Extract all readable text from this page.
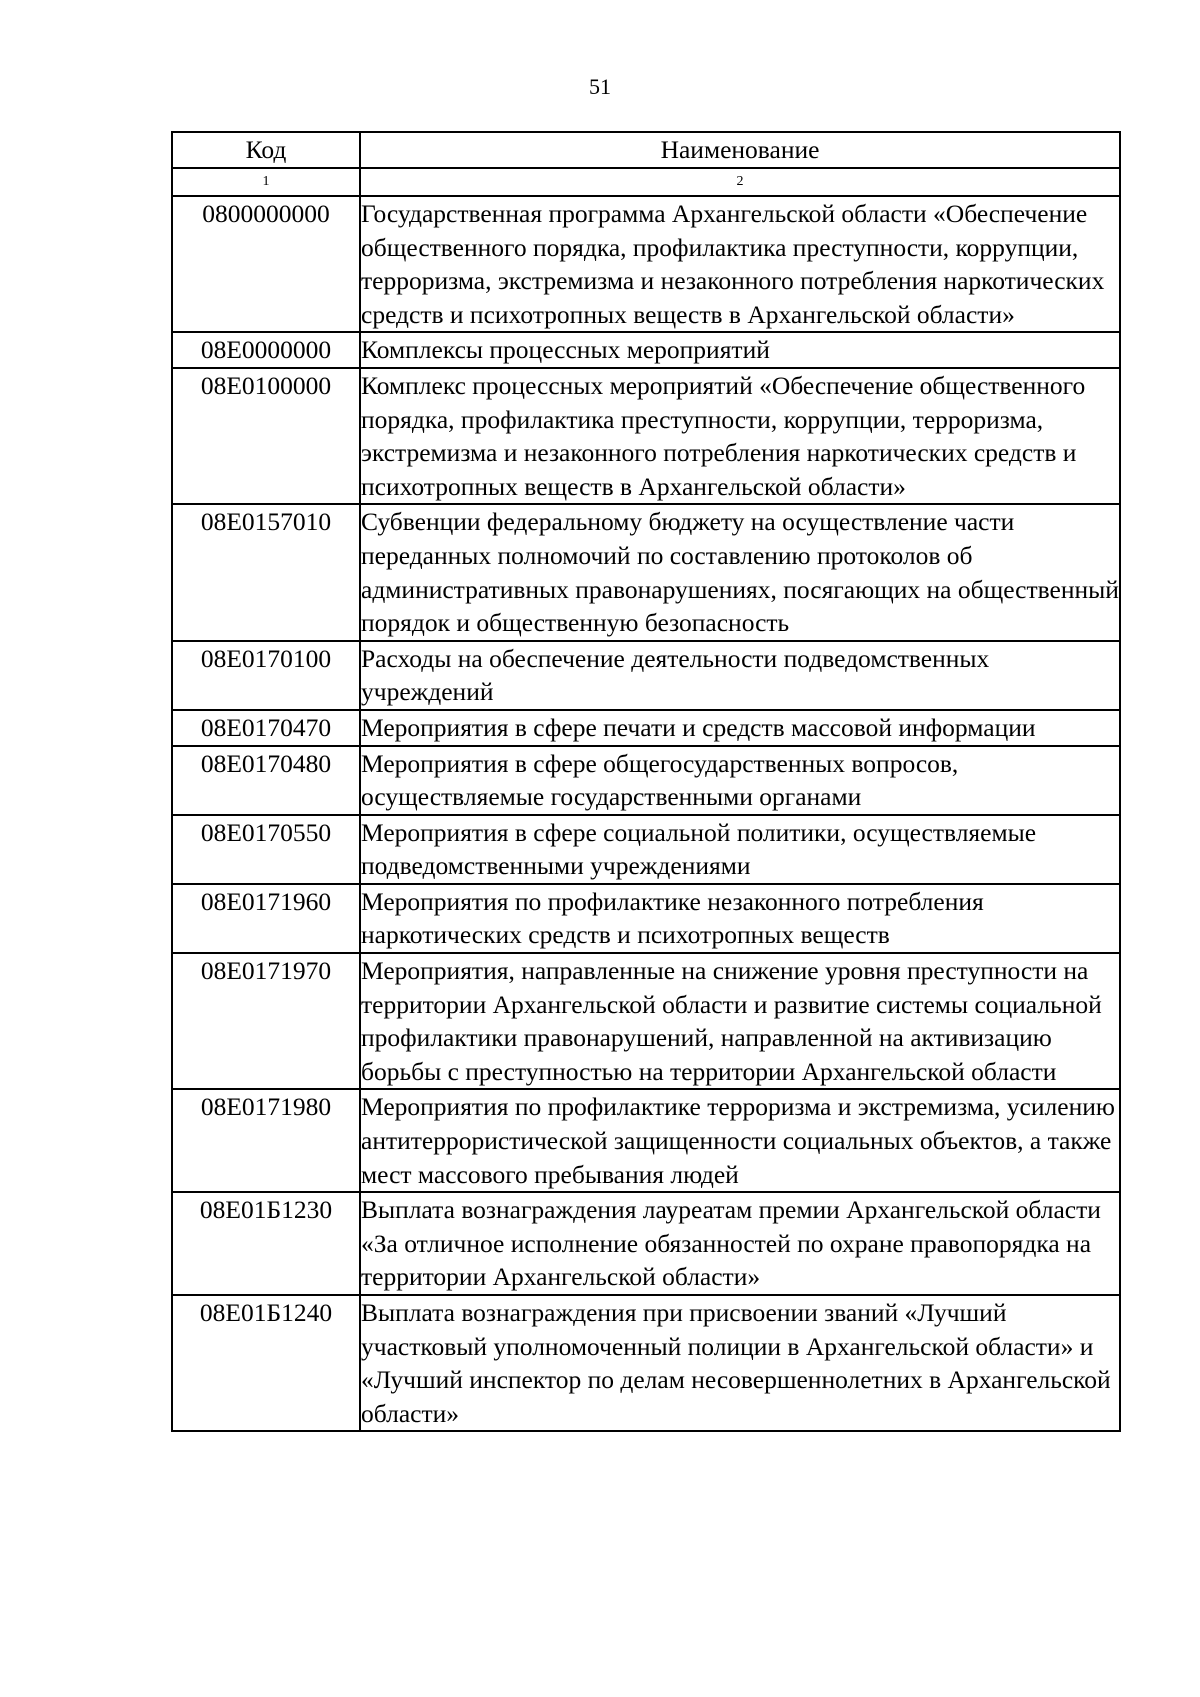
51
Код	Наименование
1	2
0800000000	Государственная программа Архангельской области «Обеспечение общественного порядка, профилактика преступности, коррупции, терроризма, экстремизма и незаконного потребления наркотических средств и психотропных веществ в Архангельской области»
08Е0000000	Комплексы процессных мероприятий
08Е0100000	Комплекс процессных мероприятий «Обеспечение общественного порядка, профилактика преступности, коррупции, терроризма, экстремизма и незаконного потребления наркотических средств и психотропных веществ в Архангельской области»
08Е0157010	Субвенции федеральному бюджету на осуществление части переданных полномочий по составлению протоколов об административных правонарушениях, посягающих на общественный порядок и общественную безопасность
08Е0170100	Расходы на обеспечение деятельности подведомственных учреждений
08Е0170470	Мероприятия в сфере печати и средств массовой информации
08Е0170480	Мероприятия в сфере общегосударственных вопросов, осуществляемые государственными органами
08Е0170550	Мероприятия в сфере социальной политики, осуществляемые подведомственными учреждениями
08Е0171960	Мероприятия по профилактике незаконного потребления наркотических средств и психотропных веществ
08Е0171970	Мероприятия, направленные на снижение уровня преступности на территории Архангельской области и развитие системы социальной профилактики правонарушений, направленной на активизацию борьбы с преступностью на территории Архангельской области
08Е0171980	Мероприятия по профилактике терроризма и экстремизма, усилению антитеррористической защищенности социальных объектов, а также мест массового пребывания людей
08Е01Б1230	Выплата вознаграждения лауреатам премии Архангельской области «За отличное исполнение обязанностей по охране правопорядка на территории Архангельской области»
08Е01Б1240	Выплата вознаграждения при присвоении званий «Лучший участковый уполномоченный полиции в Архангельской области» и «Лучший инспектор по делам несовершеннолетних в Архангельской области»
